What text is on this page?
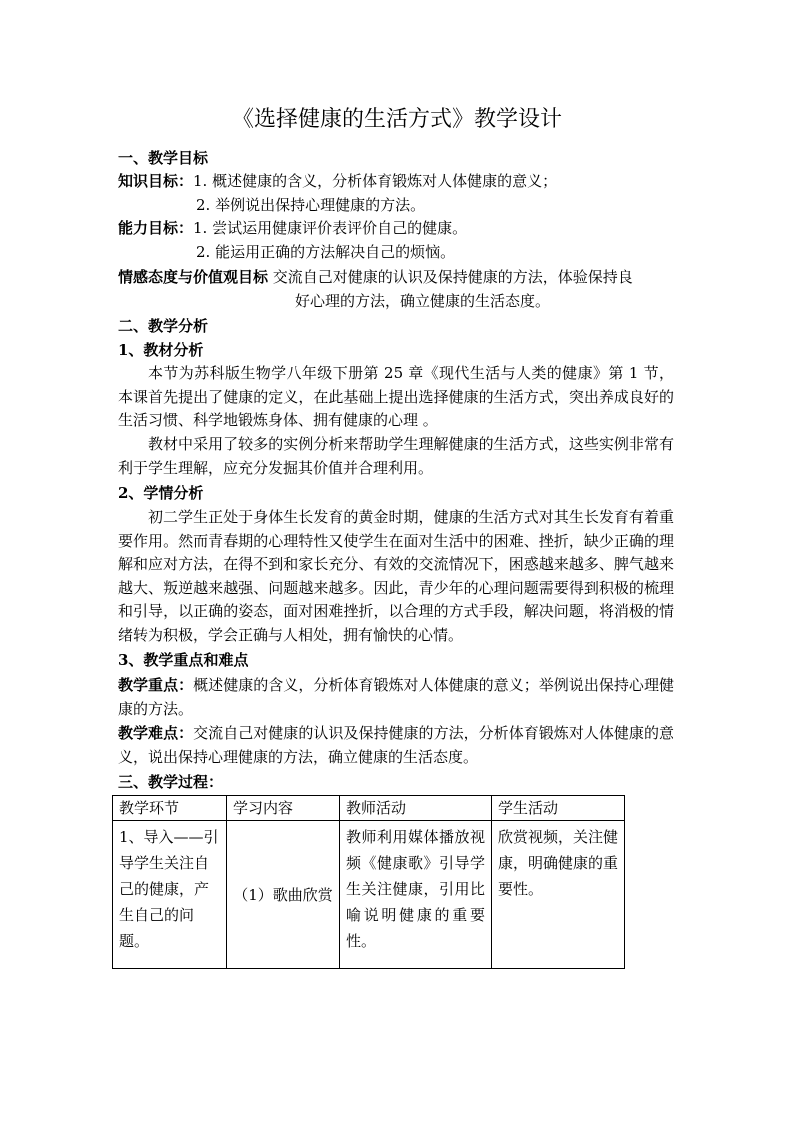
《选择健康的生活方式》教学设计
一、教学目标
知识目标：1. 概述健康的含义，分析体育锻炼对人体健康的意义；
2. 举例说出保持心理健康的方法。
能力目标：1. 尝试运用健康评价表评价自己的健康。
2. 能运用正确的方法解决自己的烦恼。
情感态度与价值观目标 交流自己对健康的认识及保持健康的方法，体验保持良
好心理的方法，确立健康的生活态度。
二、教学分析
1、教材分析
本节为苏科版生物学八年级下册第 25 章《现代生活与人类的健康》第 1 节，本课首先提出了健康的定义，在此基础上提出选择健康的生活方式，突出养成良好的生活习惯、科学地锻炼身体、拥有健康的心理 。
教材中采用了较多的实例分析来帮助学生理解健康的生活方式，这些实例非常有利于学生理解，应充分发掘其价值并合理利用。
2、学情分析
初二学生正处于身体生长发育的黄金时期，健康的生活方式对其生长发育有着重要作用。然而青春期的心理特性又使学生在面对生活中的困难、挫折，缺少正确的理解和应对方法，在得不到和家长充分、有效的交流情况下，困惑越来越多、脾气越来越大、叛逆越来越强、问题越来越多。因此，青少年的心理问题需要得到积极的梳理和引导，以正确的姿态，面对困难挫折，以合理的方式手段，解决问题，将消极的情绪转为积极，学会正确与人相处，拥有愉快的心情。
3、教学重点和难点
教学重点：概述健康的含义，分析体育锻炼对人体健康的意义；举例说出保持心理健康的方法。
教学难点：交流自己对健康的认识及保持健康的方法，分析体育锻炼对人体健康的意义，说出保持心理健康的方法，确立健康的生活态度。
三、教学过程：
教学环节	学习内容	教师活动	学生活动
1、导入——引导学生关注自己的健康，产生自己的问题。	（1）歌曲欣赏	教师利用媒体播放视频《健康歌》引导学生关注健康，引用比喻说明健康的重要性。	欣赏视频，关注健康，明确健康的重要性。
